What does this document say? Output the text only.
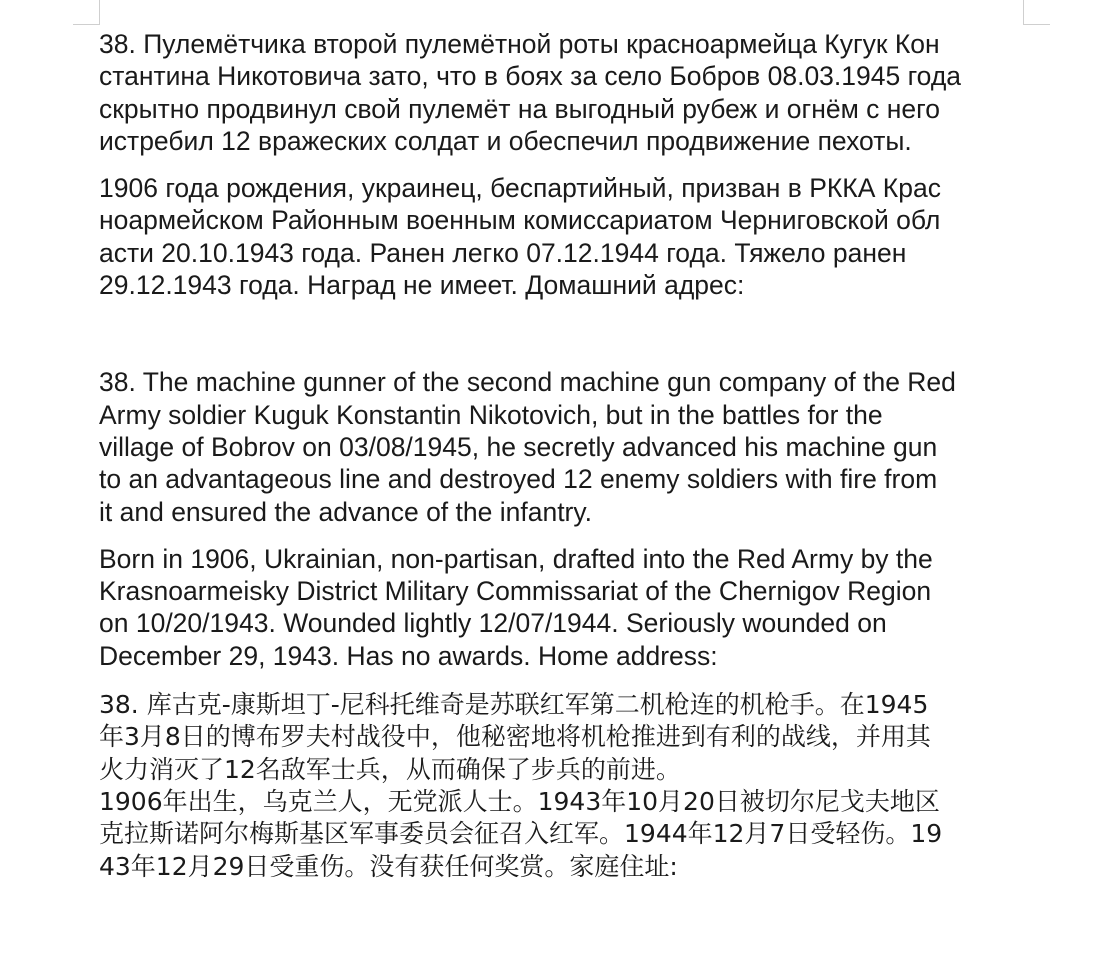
38. Пулемётчика второй пулемётной роты красноармейца Кугук Кон
стантина Никотовича зато, что в боях за село Бобров 08.03.1945 года
скрытно продвинул свой пулемёт на выгодный рубеж и огнём с него
истребил 12 вражеских солдат и обеспечил продвижение пехоты.

1906 года рождения, украинец, беспартийный, призван в РККА Крас
ноармейском Районным военным комиссариатом Черниговской обл
асти 20.10.1943 года. Ранен легко 07.12.1944 года. Тяжело ранен
29.12.1943 года. Наград не имеет. Домашний адрес:

38. The machine gunner of the second machine gun company of the Red
Army soldier Kuguk Konstantin Nikotovich, but in the battles for the
village of Bobrov on 03/08/1945, he secretly advanced his machine gun
to an advantageous line and destroyed 12 enemy soldiers with fire from
it and ensured the advance of the infantry.

Born in 1906, Ukrainian, non-partisan, drafted into the Red Army by the
Krasnoarmeisky District Military Commissariat of the Chernigov Region
on 10/20/1943. Wounded lightly 12/07/1944. Seriously wounded on
December 29, 1943. Has no awards. Home address:

38. 库古克-康斯坦丁-尼科托维奇是苏联红军第二机枪连的机枪手。在1945
年3月8日的博布罗夫村战役中，他秘密地将机枪推进到有利的战线，并用其
火力消灭了12名敌军士兵，从而确保了步兵的前进。

1906年出生，乌克兰人，无党派人士。1943年10月20日被切尔尼戈夫地区
克拉斯诺阿尔梅斯基区军事委员会征召入红军。1944年12月7日受轻伤。19
43年12月29日受重伤。没有获任何奖赏。家庭住址:
